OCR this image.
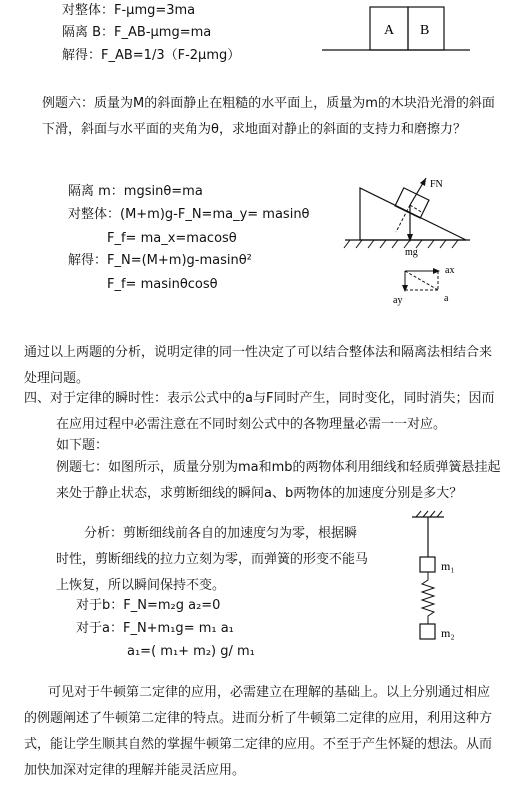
对整体：F-μmg=3ma
隔离 B：F_AB-μmg=ma
解得：F_AB=1/3（F-2μmg）
A B
FN
mg
ax
ay	a
m₁
m₂
例题六：质量为M的斜面静止在粗糙的水平面上，质量为m的木块沿光滑的斜面下滑，斜面与水平面的夹角为θ，求地面对静止的斜面的支持力和磨擦力？
隔离 m：mgsinθ=ma
对整体：(M+m)g-F_N=ma_y= masinθ
F_f= ma_x=macosθ
解得：F_N=(M+m)g-masinθ²
F_f= masinθcosθ
通过以上两题的分析，说明定律的同一性决定了可以结合整体法和隔离法相结合来处理问题。
四、对于定律的瞬时性：表示公式中的a与F同时产生，同时变化，同时消失；因而在应用过程中必需注意在不同时刻公式中的各物理量必需一一对应。
如下题：
例题七：如图所示，质量分别为ma和mb的两物体利用细线和轻质弹簧悬挂起来处于静止状态，求剪断细线的瞬间a、b两物体的加速度分别是多大？
分析：剪断细线前各自的加速度匀为零，根据瞬时性，剪断细线的拉力立刻为零，而弹簧的形变不能马上恢复，所以瞬间保持不变。
对于b：F_N=m₂g a₂=0
对于a：F_N+m₁g= m₁ a₁
a₁=( m₁+ m₂) g/ m₁
可见对于牛顿第二定律的应用，必需建立在理解的基础上。以上分别通过相应的例题阐述了牛顿第二定律的特点。进而分析了牛顿第二定律的应用，利用这种方式，能让学生顺其自然的掌握牛顿第二定律的应用。不至于产生怀疑的想法。从而加快加深对定律的理解并能灵活应用。
